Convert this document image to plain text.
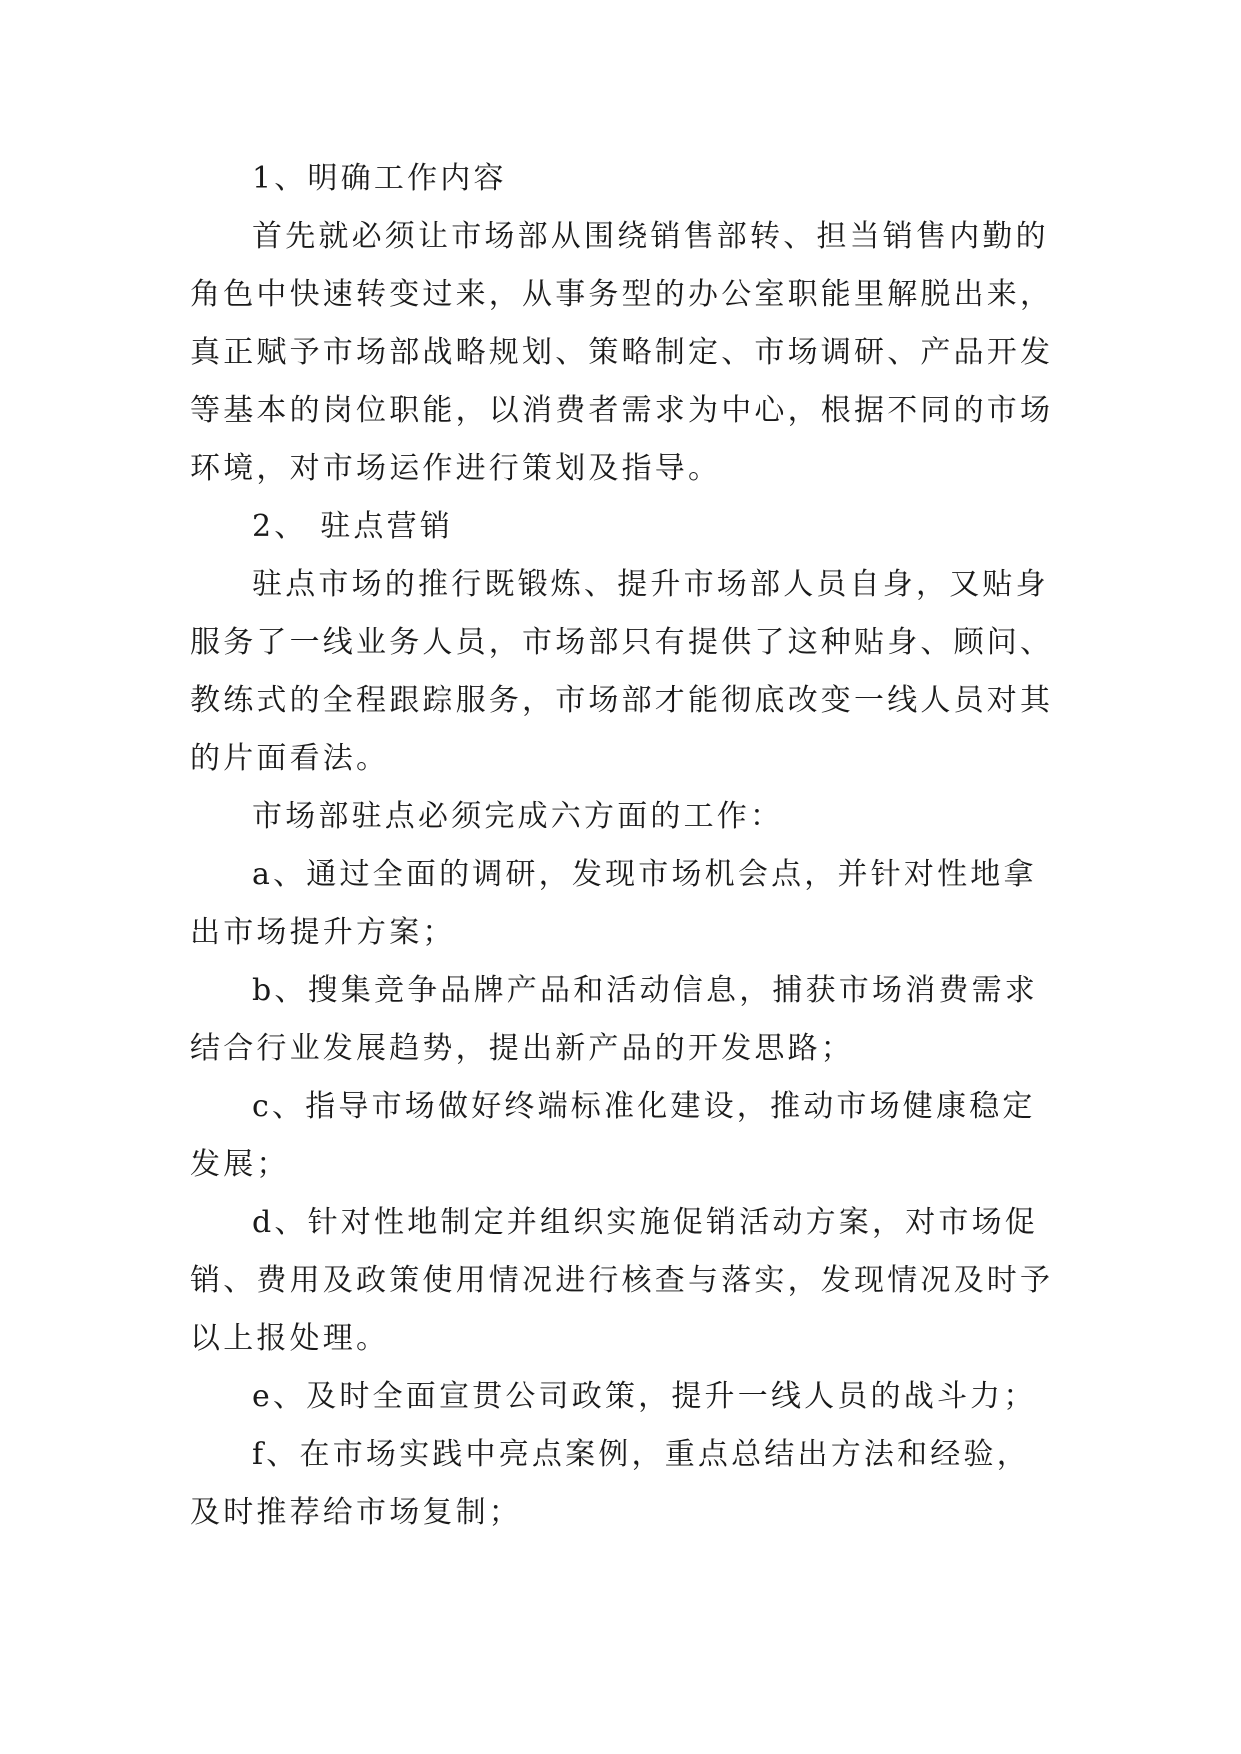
1、明确工作内容
首先就必须让市场部从围绕销售部转、担当销售内勤的
角色中快速转变过来，从事务型的办公室职能里解脱出来，
真正赋予市场部战略规划、策略制定、市场调研、产品开发
等基本的岗位职能，以消费者需求为中心，根据不同的市场
环境，对市场运作进行策划及指导。
2、 驻点营销
驻点市场的推行既锻炼、提升市场部人员自身，又贴身
服务了一线业务人员，市场部只有提供了这种贴身、顾问、
教练式的全程跟踪服务，市场部才能彻底改变一线人员对其
的片面看法。
市场部驻点必须完成六方面的工作：
a、通过全面的调研，发现市场机会点，并针对性地拿
出市场提升方案；
b、搜集竞争品牌产品和活动信息，捕获市场消费需求
结合行业发展趋势，提出新产品的开发思路；
c、指导市场做好终端标准化建设，推动市场健康稳定
发展；
d、针对性地制定并组织实施促销活动方案，对市场促
销、费用及政策使用情况进行核查与落实，发现情况及时予
以上报处理。
e、及时全面宣贯公司政策，提升一线人员的战斗力；
f、在市场实践中亮点案例，重点总结出方法和经验，
及时推荐给市场复制；
